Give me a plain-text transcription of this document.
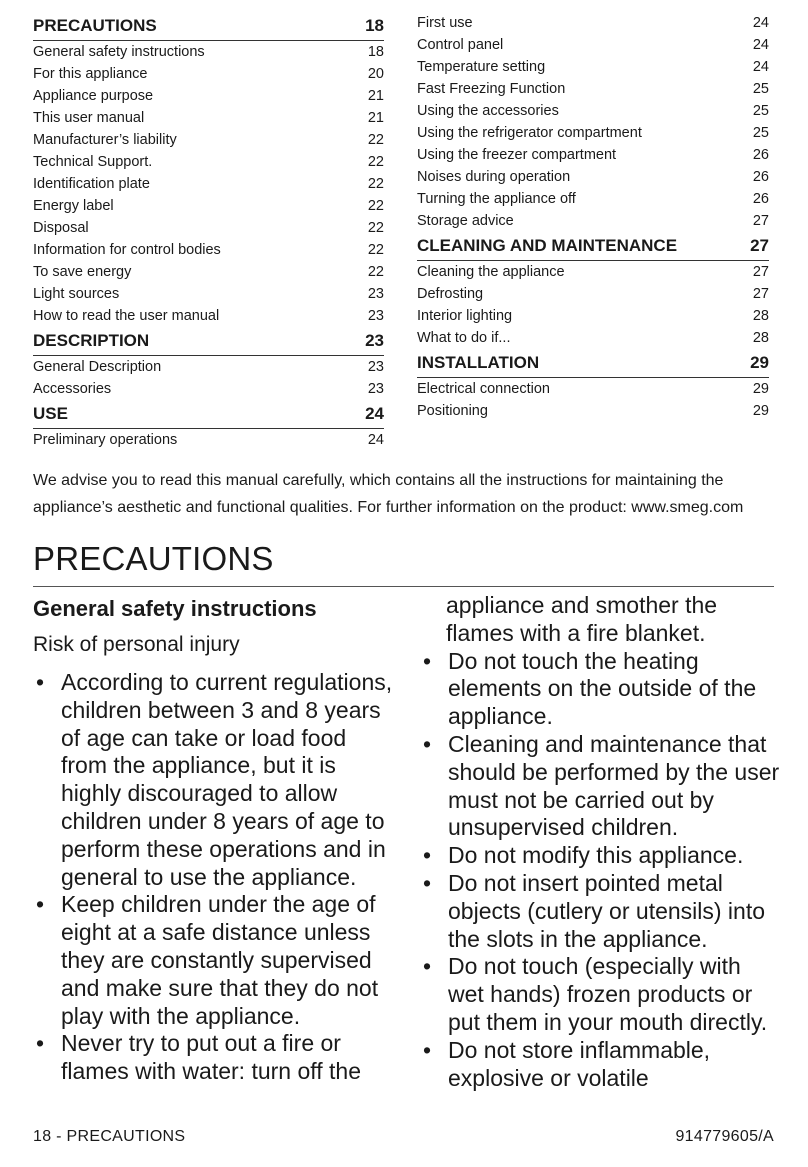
PRECAUTIONS	18
General safety instructions	18
For this appliance	20
Appliance purpose	21
This user manual	21
Manufacturer’s liability	22
Technical Support.	22
Identification plate	22
Energy label	22
Disposal	22
Information for control bodies	22
To save energy	22
Light sources	23
How to read the user manual	23
DESCRIPTION	23
General Description	23
Accessories	23
USE	24
Preliminary operations	24
First use	24
Control panel	24
Temperature setting	24
Fast Freezing Function	25
Using the accessories	25
Using the refrigerator compartment	25
Using the freezer compartment	26
Noises during operation	26
Turning the appliance off	26
Storage advice	27
CLEANING AND MAINTENANCE	27
Cleaning the appliance	27
Defrosting	27
Interior lighting	28
What to do if...	28
INSTALLATION	29
Electrical connection	29
Positioning	29

We advise you to read this manual carefully, which contains all the instructions for maintaining the appliance’s aesthetic and functional qualities. For further information on the product: www.smeg.com

PRECAUTIONS
General safety instructions
Risk of personal injury
• According to current regulations, children between 3 and 8 years of age can take or load food from the appliance, but it is highly discouraged to allow children under 8 years of age to perform these operations and in general to use the appliance.
• Keep children under the age of eight at a safe distance unless they are constantly supervised and make sure that they do not play with the appliance.
• Never try to put out a fire or flames with water: turn off the

appliance and smother the flames with a fire blanket.

• Do not touch the heating elements on the outside of the appliance.
• Cleaning and maintenance that should be performed by the user must not be carried out by unsupervised children.
• Do not modify this appliance.
• Do not insert pointed metal objects (cutlery or utensils) into the slots in the appliance.
• Do not touch (especially with wet hands) frozen products or put them in your mouth directly.
• Do not store inflammable, explosive or volatile
18 - PRECAUTIONS	914779605/A
